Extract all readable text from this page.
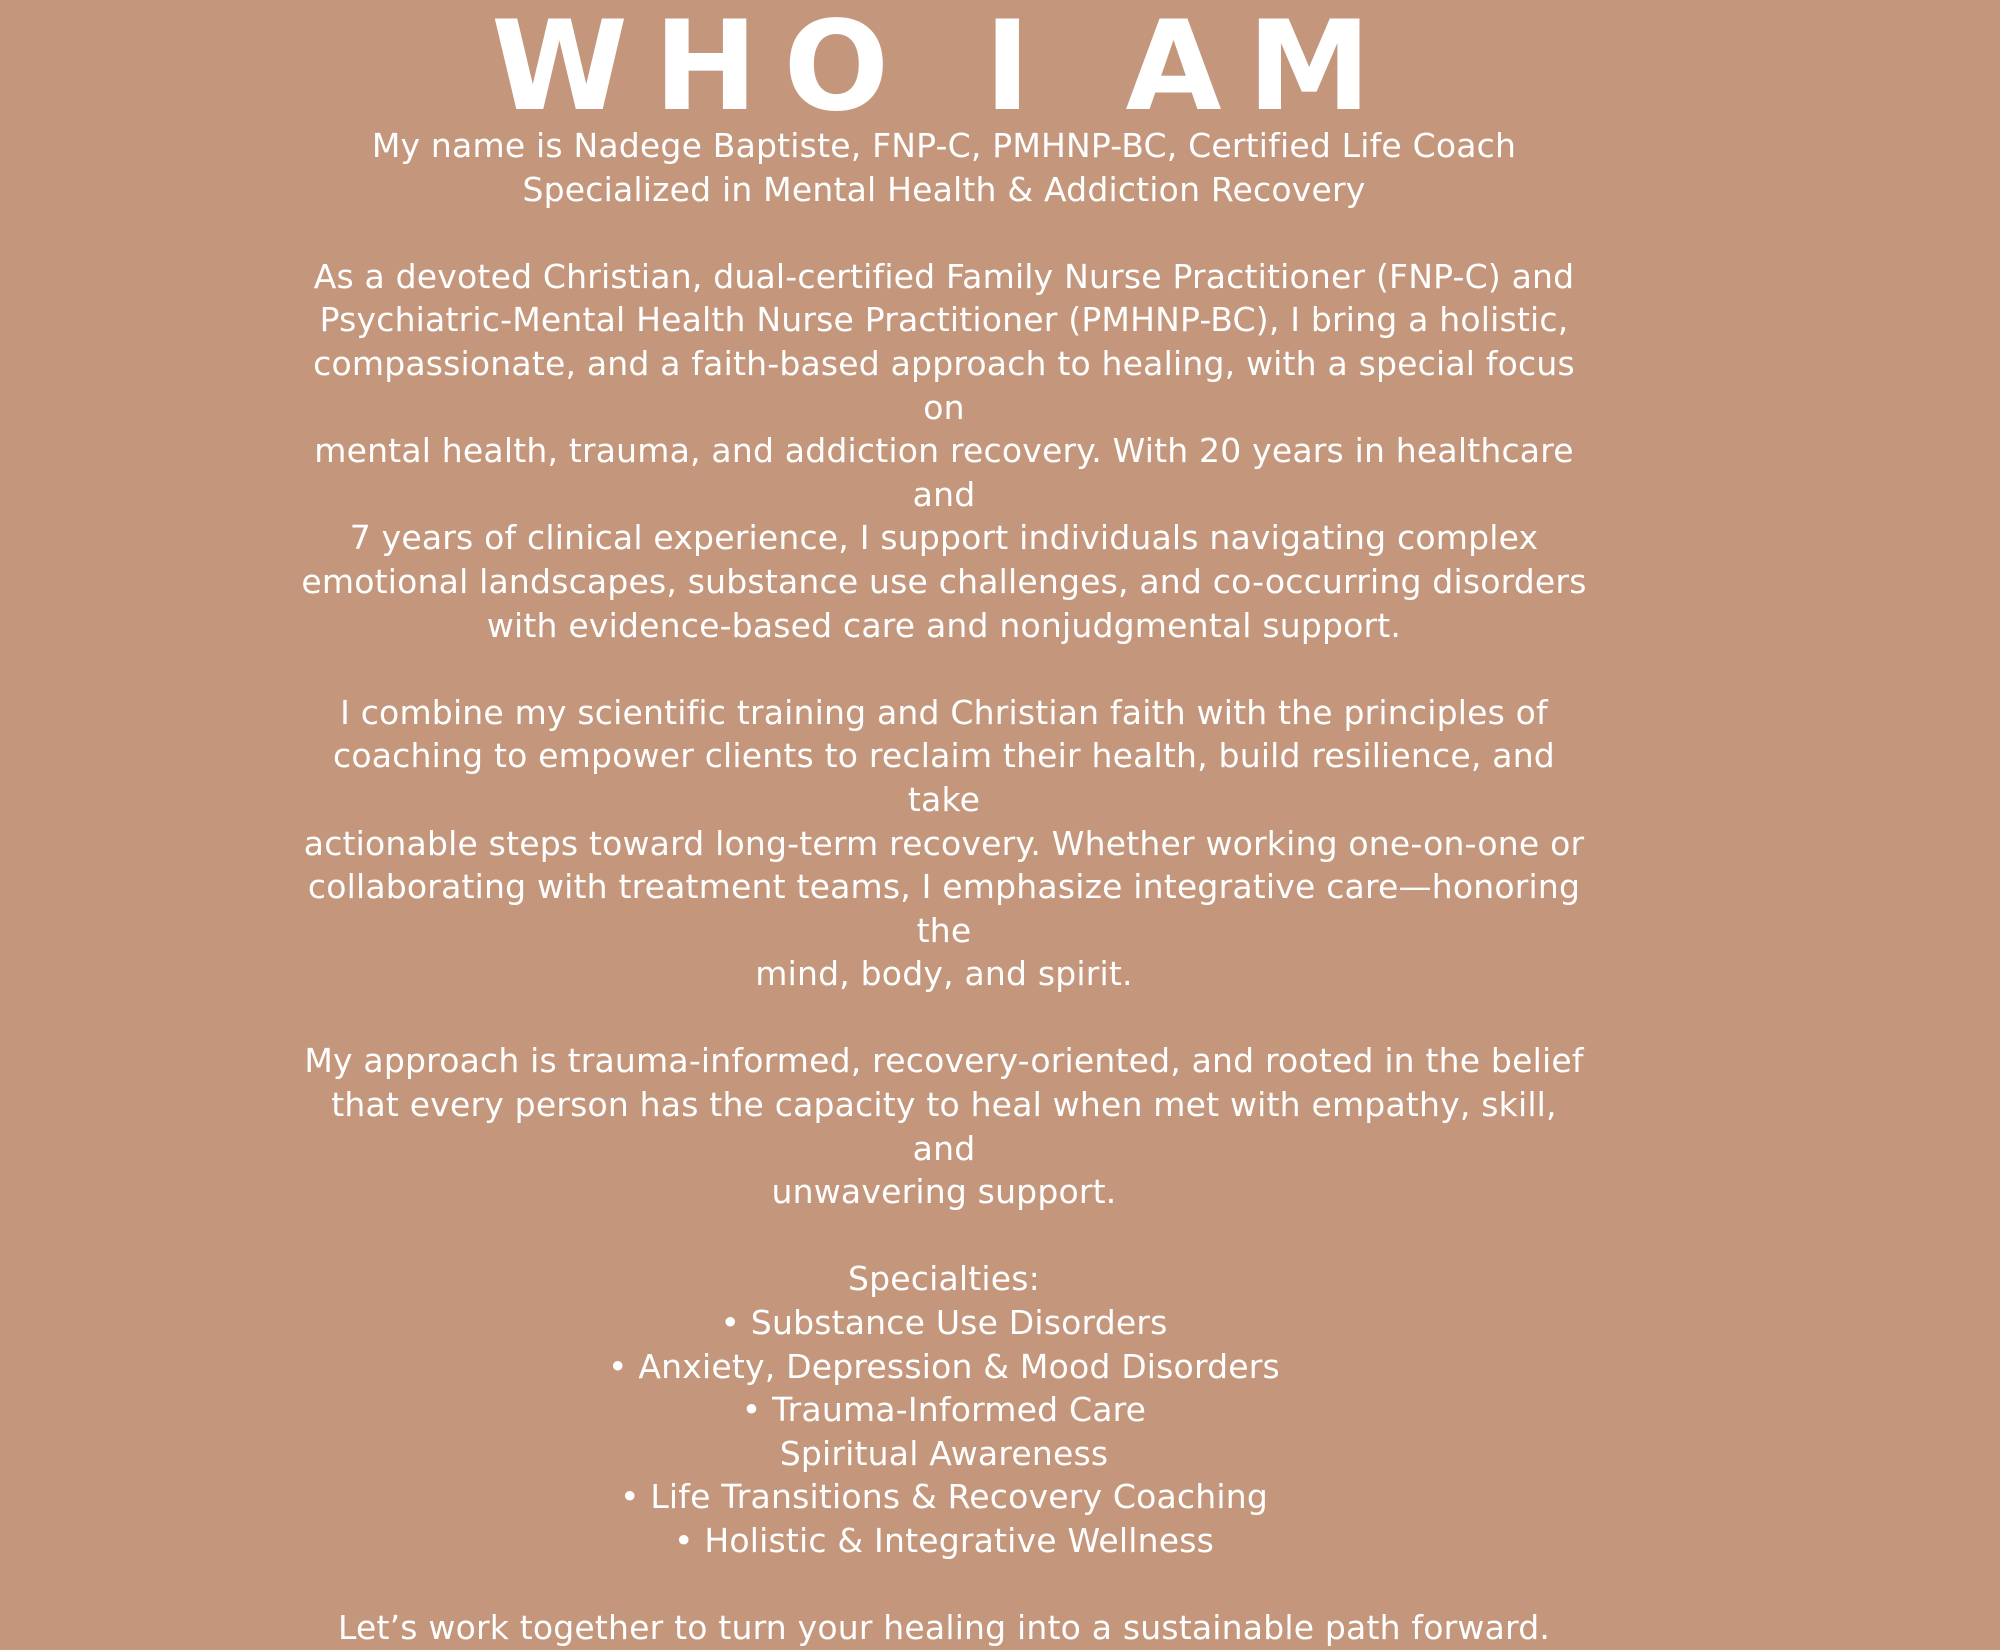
WHO I AM

My name is Nadege Baptiste, FNP-C, PMHNP-BC, Certified Life Coach

Specialized in Mental Health & Addiction Recovery

As a devoted Christian, dual-certified Family Nurse Practitioner (FNP-C) and

Psychiatric-Mental Health Nurse Practitioner (PMHNP-BC), I bring a holistic,

compassionate, and a faith-based approach to healing, with a special focus on

mental health, trauma, and addiction recovery. With 20 years in healthcare and

7 years of clinical experience, I support individuals navigating complex

emotional landscapes, substance use challenges, and co-occurring disorders

with evidence-based care and nonjudgmental support.

I combine my scientific training and Christian faith with the principles of

coaching to empower clients to reclaim their health, build resilience, and take

actionable steps toward long-term recovery. Whether working one-on-one or

collaborating with treatment teams, I emphasize integrative care—honoring the

mind, body, and spirit.

My approach is trauma-informed, recovery-oriented, and rooted in the belief

that every person has the capacity to heal when met with empathy, skill, and

unwavering support.

Specialties:

• Substance Use Disorders
• Anxiety, Depression & Mood Disorders
• Trauma-Informed Care
Spiritual Awareness
• Life Transitions & Recovery Coaching
• Holistic & Integrative Wellness

Let’s work together to turn your healing into a sustainable path forward.
